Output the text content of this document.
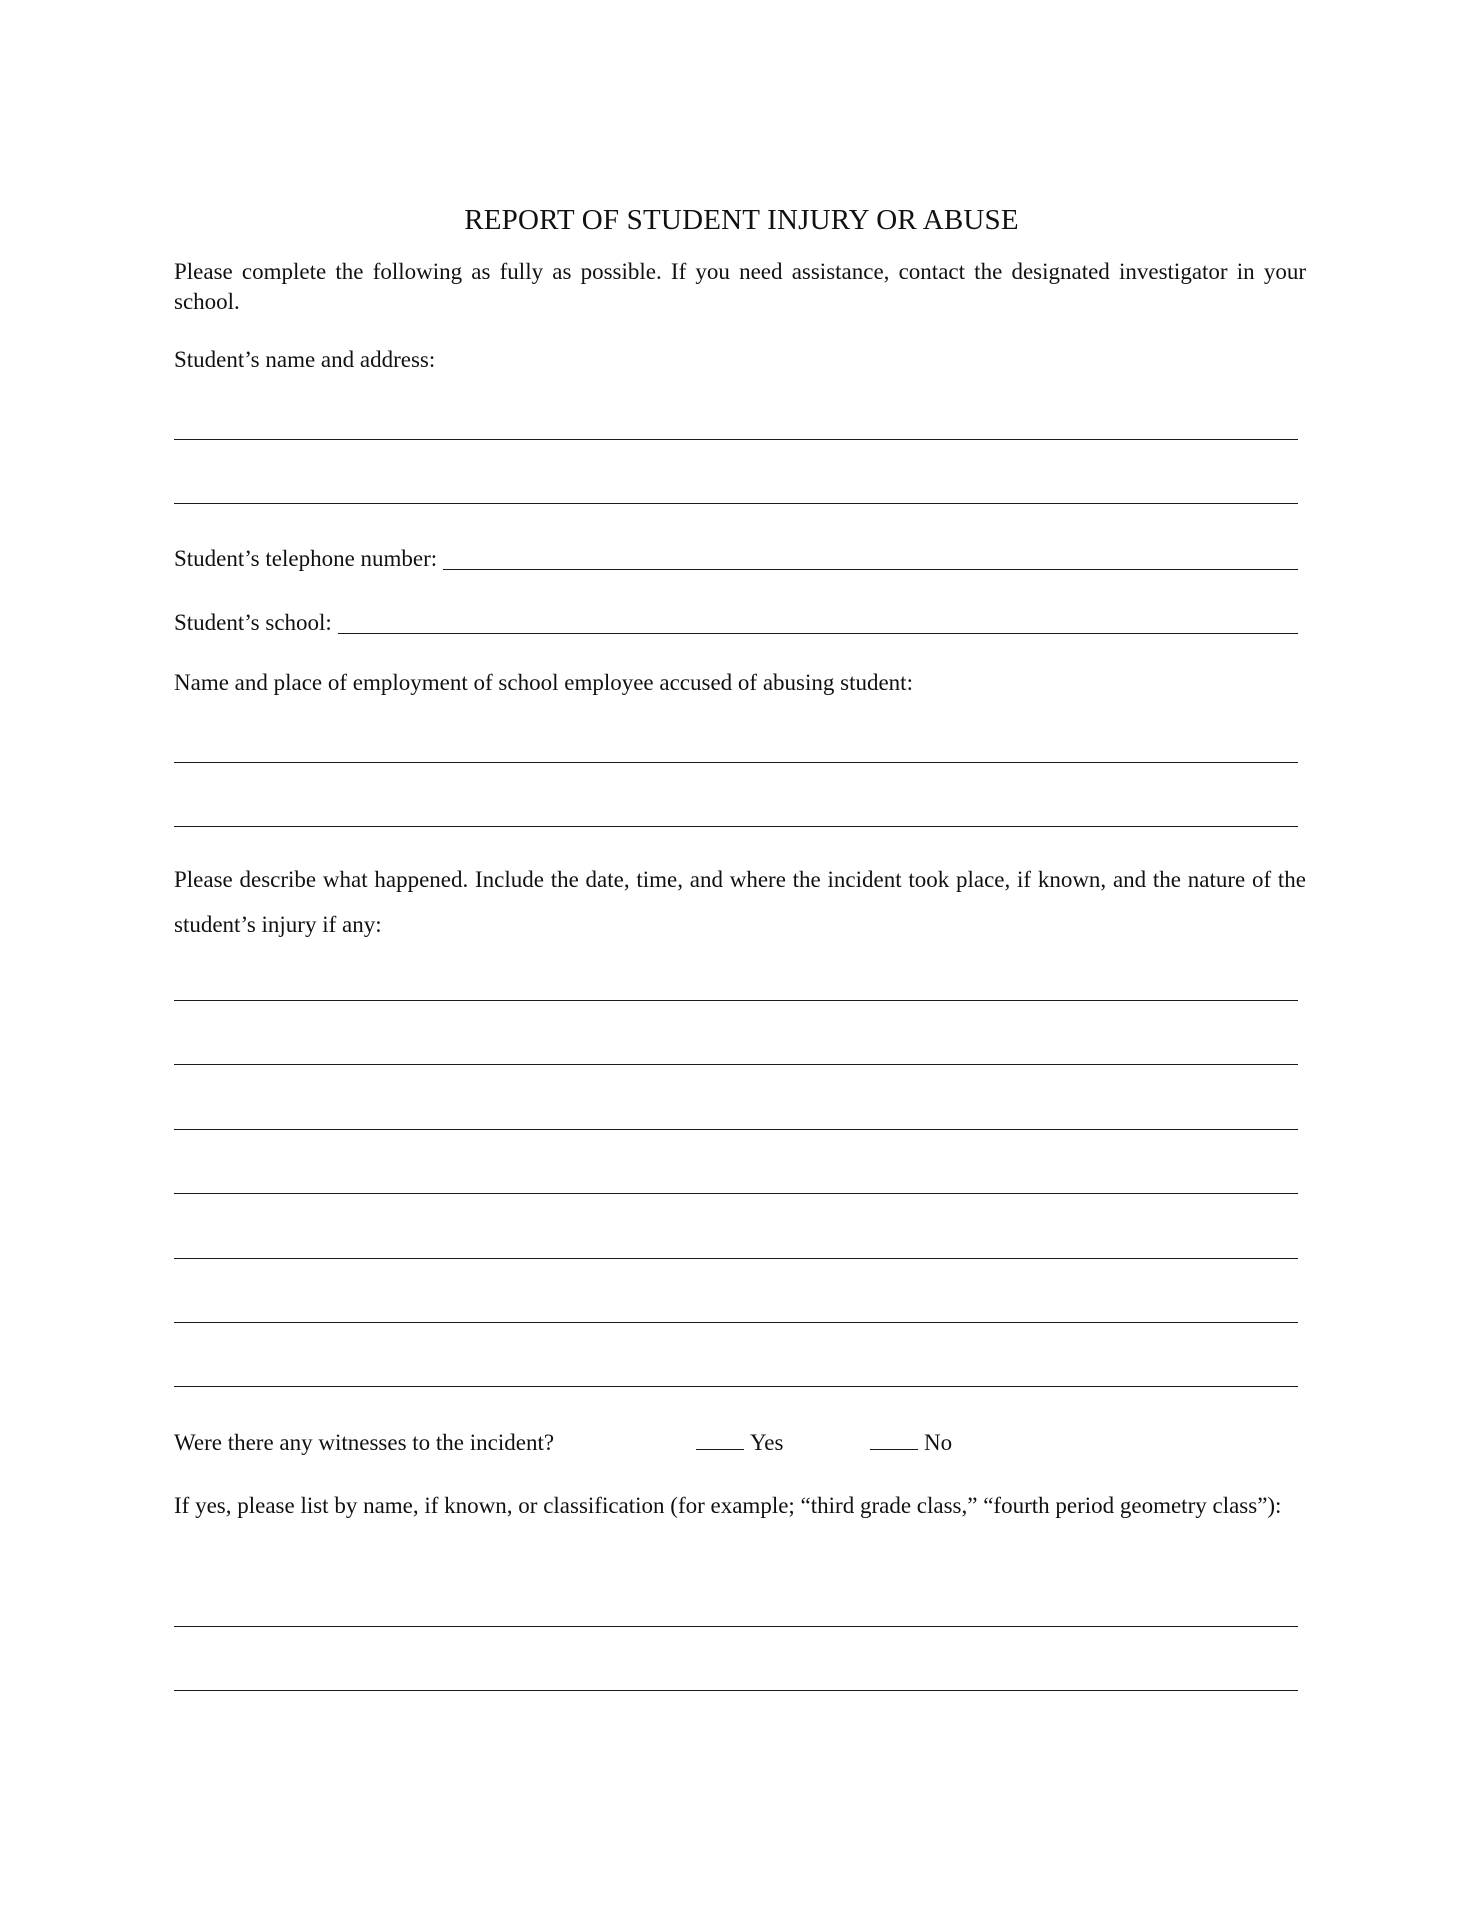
REPORT OF STUDENT INJURY OR ABUSE
Please complete the following as fully as possible. If you need assistance, contact the designated investigator in your school.
Student’s name and address:
Student’s telephone number:
Student’s school:
Name and place of employment of school employee accused of abusing student:
Please describe what happened. Include the date, time, and where the incident took place, if known, and the nature of the student’s injury if any:
Were there any witnesses to the incident?	Yes	No
If yes, please list by name, if known, or classification (for example; “third grade class,” “fourth period geometry class”):
